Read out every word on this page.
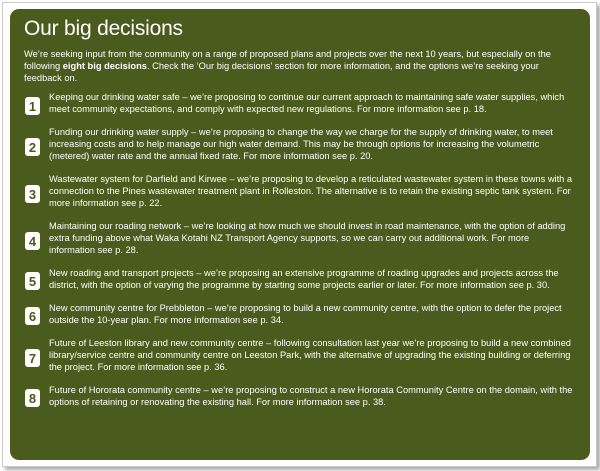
Our big decisions
We’re seeking input from the community on a range of proposed plans and projects over the next 10 years, but especially on the following eight big decisions. Check the ‘Our big decisions’ section for more information, and the options we’re seeking your feedback on.
1
Keeping our drinking water safe – we’re proposing to continue our current approach to maintaining safe water supplies, which meet community expectations, and comply with expected new regulations. For more information see p. 18.
2
Funding our drinking water supply – we’re proposing to change the way we charge for the supply of drinking water, to meet increasing costs and to help manage our high water demand. This may be through options for increasing the volumetric (metered) water rate and the annual fixed rate. For more information see p. 20.
3
Wastewater system for Darfield and Kirwee – we’re proposing to develop a reticulated wastewater system in these towns with a connection to the Pines wastewater treatment plant in Rolleston. The alternative is to retain the existing septic tank system. For more information see p. 22.
4
Maintaining our roading network – we’re looking at how much we should invest in road maintenance, with the option of adding extra funding above what Waka Kotahi NZ Transport Agency supports, so we can carry out additional work. For more information see p. 28.
5
New roading and transport projects – we’re proposing an extensive programme of roading upgrades and projects across the district, with the option of varying the programme by starting some projects earlier or later. For more information see p. 30.
6
New community centre for Prebbleton – we’re proposing to build a new community centre, with the option to defer the project outside the 10-year plan. For more information see p. 34.
7
Future of Leeston library and new community centre – following consultation last year we’re proposing to build a new combined library/service centre and community centre on Leeston Park, with the alternative of upgrading the existing building or deferring the project. For more information see p. 36.
8
Future of Hororata community centre – we’re proposing to construct a new Hororata Community Centre on the domain, with the options of retaining or renovating the existing hall. For more information see p. 38.
